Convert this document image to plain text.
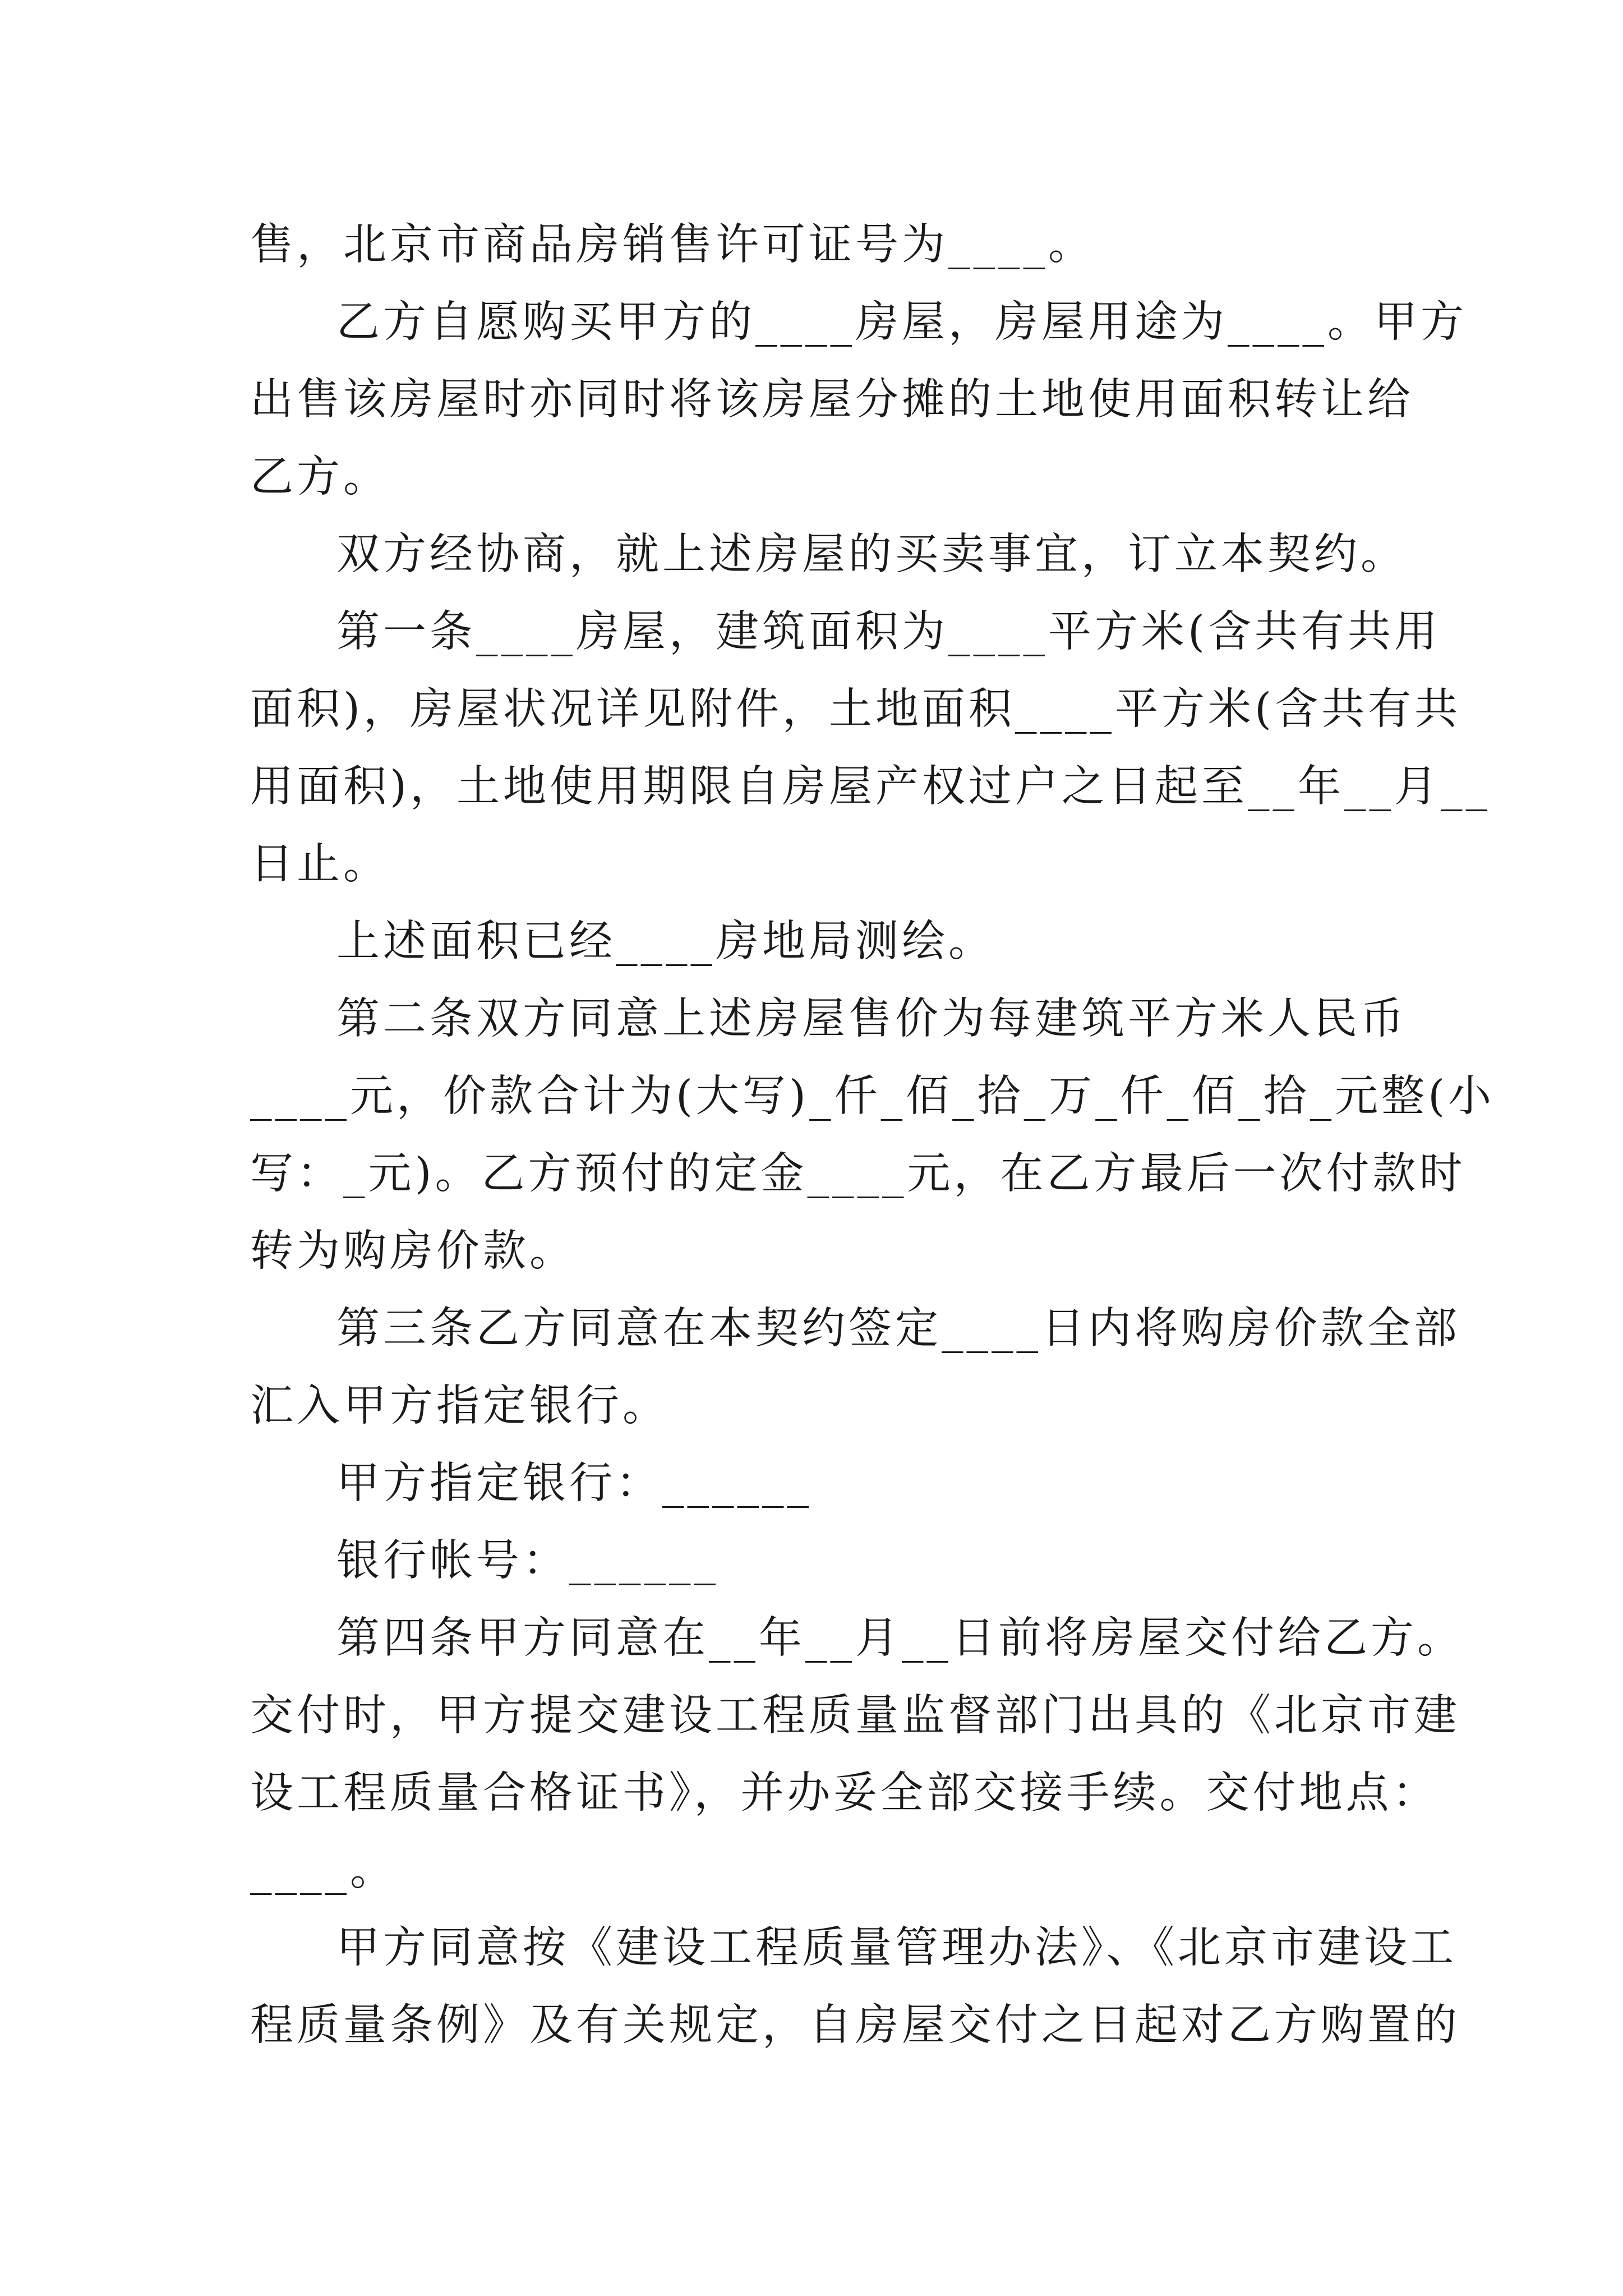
售，北京市商品房销售许可证号为____。
乙方自愿购买甲方的____房屋，房屋用途为____。甲方
出售该房屋时亦同时将该房屋分摊的土地使用面积转让给
乙方。
双方经协商，就上述房屋的买卖事宜，订立本契约。
第一条____房屋，建筑面积为____平方米(含共有共用
面积)，房屋状况详见附件，土地面积____平方米(含共有共
用面积)，土地使用期限自房屋产权过户之日起至__年__月__
日止。
上述面积已经____房地局测绘。
第二条双方同意上述房屋售价为每建筑平方米人民币
____元，价款合计为(大写)_仟_佰_拾_万_仟_佰_拾_元整(小
写：_元)。乙方预付的定金____元，在乙方最后一次付款时
转为购房价款。
第三条乙方同意在本契约签定____日内将购房价款全部
汇入甲方指定银行。
甲方指定银行：______
银行帐号：______
第四条甲方同意在__年__月__日前将房屋交付给乙方。
交付时，甲方提交建设工程质量监督部门出具的《北京市建
设工程质量合格证书》，并办妥全部交接手续。交付地点：
____。
甲方同意按《建设工程质量管理办法》、《北京市建设工
程质量条例》及有关规定，自房屋交付之日起对乙方购置的
